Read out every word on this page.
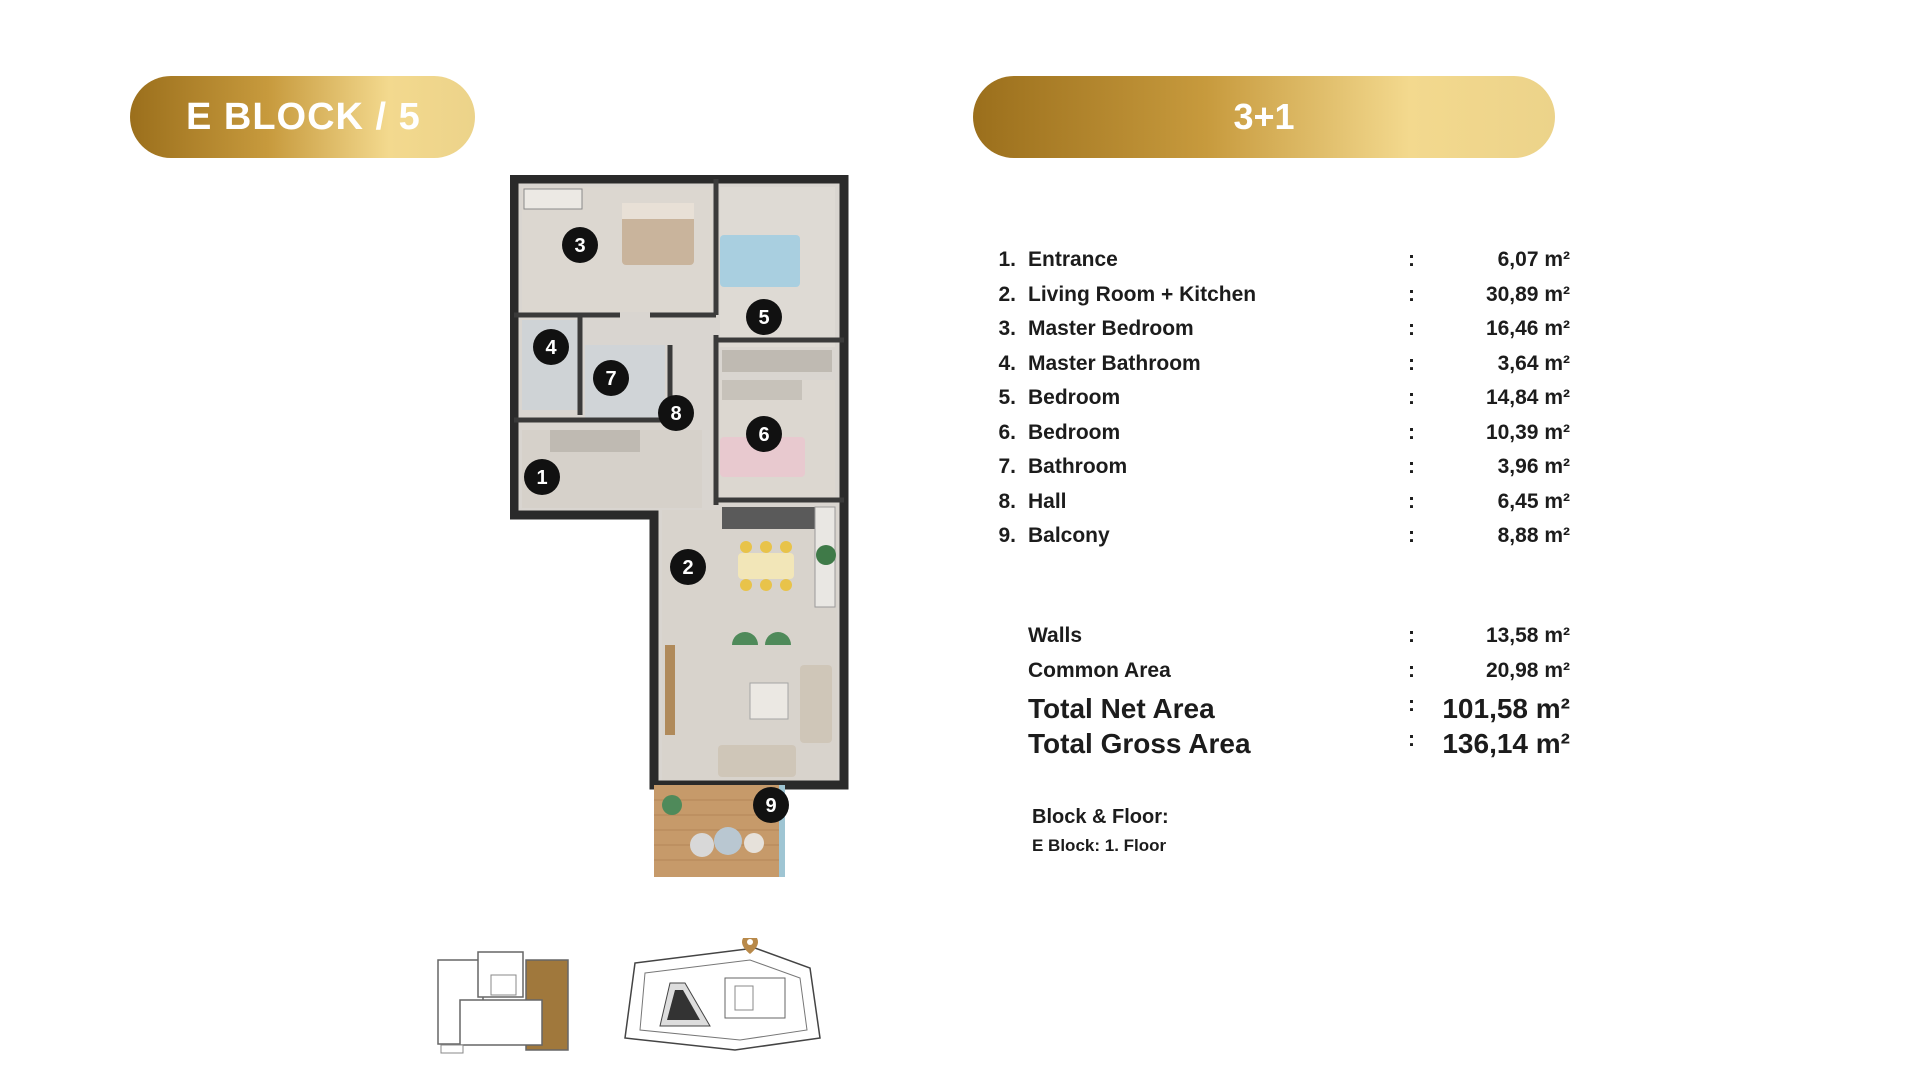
E BLOCK / 5	3+1
1
2
3
4
5
6
7
8
9
1. Entrance	:	6,07 m²
2. Living Room + Kitchen	:	30,89 m²
3. Master Bedroom	:	16,46 m²
4. Master Bathroom	:	3,64 m²
5. Bedroom	:	14,84 m²
6. Bedroom	:	10,39 m²
7. Bathroom	:	3,96 m²
8. Hall	:	6,45 m²
9. Balcony	:	8,88 m²
Walls	:	13,58 m²
Common Area	:	20,98 m²
Total Net Area	: 101,58 m²
Total Gross Area	: 136,14 m²
Block & Floor:
E Block: 1. Floor
